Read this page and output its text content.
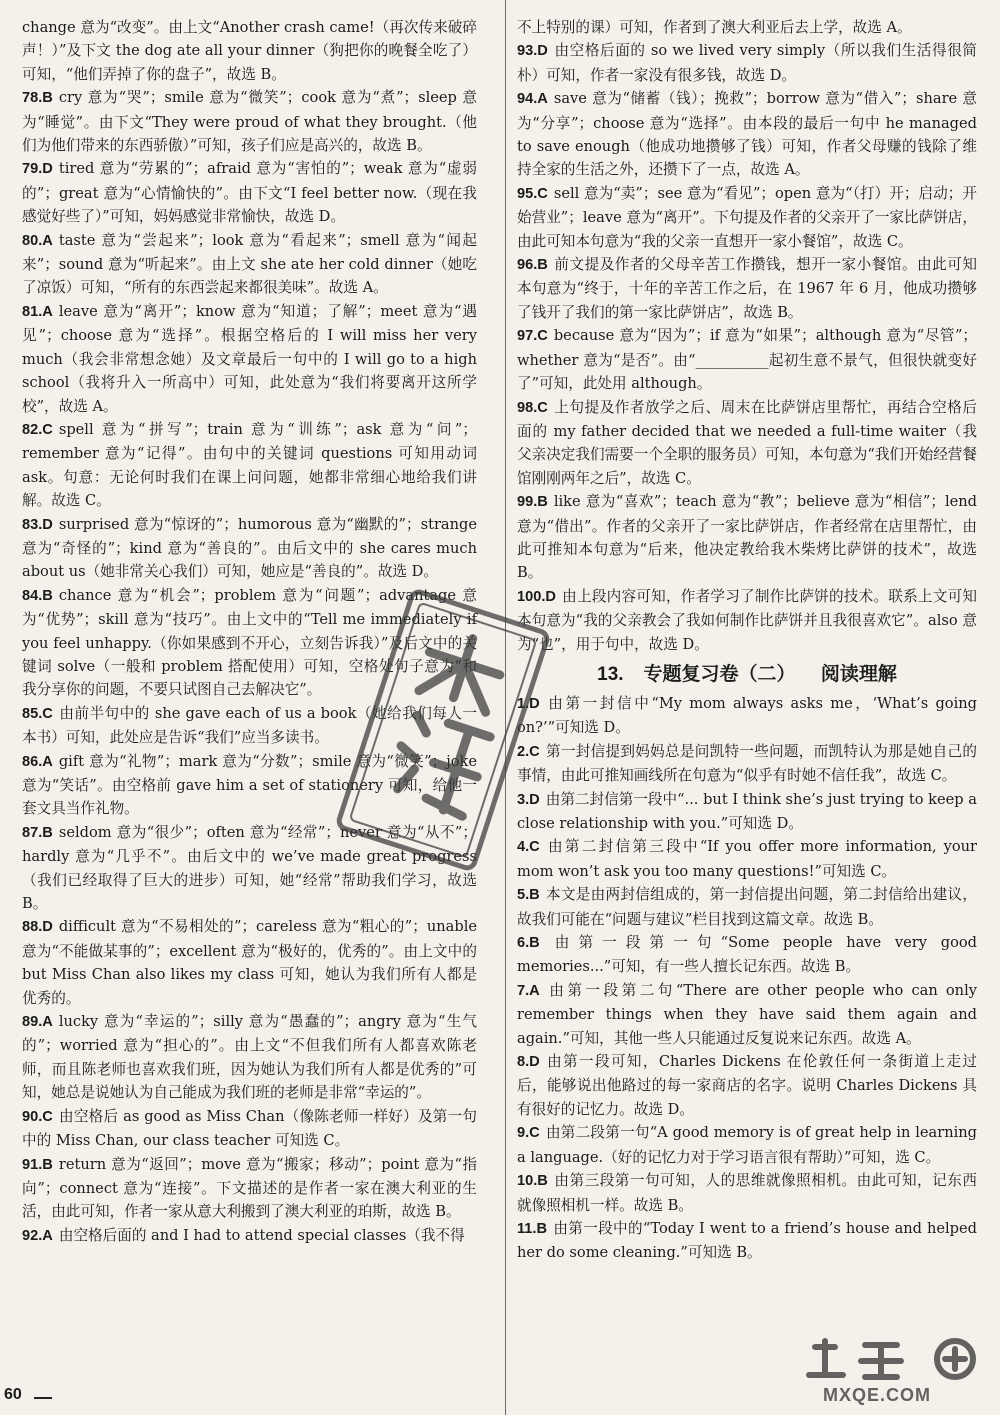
change 意为“改变”。由上文“Another crash came!（再次传来破碎声！）”及下文 the dog ate all your dinner（狗把你的晚餐全吃了）可知，“他们弄掉了你的盘子”，故选 B。

78.B cry 意为“哭”；smile 意为“微笑”；cook 意为“煮”；sleep 意为“睡觉”。由下文“They were proud of what they brought.（他们为他们带来的东西骄傲）”可知，孩子们应是高兴的，故选 B。

79.D tired 意为“劳累的”；afraid 意为“害怕的”；weak 意为“虚弱的”；great 意为“心情愉快的”。由下文“I feel better now.（现在我感觉好些了）”可知，妈妈感觉非常愉快，故选 D。

80.A taste 意为“尝起来”；look 意为“看起来”；smell 意为“闻起来”；sound 意为“听起来”。由上文 she ate her cold dinner（她吃了凉饭）可知，“所有的东西尝起来都很美味”。故选 A。

81.A leave 意为“离开”；know 意为“知道；了解”；meet 意为“遇见”；choose 意为“选择”。根据空格后的 I will miss her very much（我会非常想念她）及文章最后一句中的 I will go to a high school（我将升入一所高中）可知，此处意为“我们将要离开这所学校”，故选 A。

82.C spell 意为“拼写”；train 意为“训练”；ask 意为“问”；remember 意为“记得”。由句中的关键词 questions 可知用动词 ask。句意：无论何时我们在课上问问题，她都非常细心地给我们讲解。故选 C。

83.D surprised 意为“惊讶的”；humorous 意为“幽默的”；strange 意为“奇怪的”；kind 意为“善良的”。由后文中的 she cares much about us（她非常关心我们）可知，她应是“善良的”。故选 D。

84.B chance 意为“机会”；problem 意为“问题”；advantage 意为“优势”；skill 意为“技巧”。由上文中的“Tell me immediately if you feel unhappy.（你如果感到不开心，立刻告诉我）”及后文中的关键词 solve（一般和 problem 搭配使用）可知，空格处句子意为“和我分享你的问题，不要只试图自己去解决它”。

85.C 由前半句中的 she gave each of us a book（她给我们每人一本书）可知，此处应是告诉“我们”应当多读书。

86.A gift 意为“礼物”；mark 意为“分数”；smile 意为“微笑”；joke 意为“笑话”。由空格前 gave him a set of stationery 可知，给他一套文具当作礼物。

87.B seldom 意为“很少”；often 意为“经常”；never 意为“从不”；hardly 意为“几乎不”。由后文中的 we’ve made great progress（我们已经取得了巨大的进步）可知，她“经常”帮助我们学习，故选 B。

88.D difficult 意为“不易相处的”；careless 意为“粗心的”；unable 意为“不能做某事的”；excellent 意为“极好的，优秀的”。由上文中的 but Miss Chan also likes my class 可知，她认为我们所有人都是优秀的。

89.A lucky 意为“幸运的”；silly 意为“愚蠢的”；angry 意为“生气的”；worried 意为“担心的”。由上文“不但我们所有人都喜欢陈老师，而且陈老师也喜欢我们班，因为她认为我们所有人都是优秀的”可知，她总是说她认为自己能成为我们班的老师是非常“幸运的”。

90.C 由空格后 as good as Miss Chan（像陈老师一样好）及第一句中的 Miss Chan, our class teacher 可知选 C。

91.B return 意为“返回”；move 意为“搬家；移动”；point 意为“指向”；connect 意为“连接”。下文描述的是作者一家在澳大利亚的生活，由此可知，作者一家从意大利搬到了澳大利亚的珀斯，故选 B。

92.A 由空格后面的 and I had to attend special classes（我不得

不上特别的课）可知，作者到了澳大利亚后去上学，故选 A。

93.D 由空格后面的 so we lived very simply（所以我们生活得很简朴）可知，作者一家没有很多钱，故选 D。

94.A save 意为“储蓄（钱）；挽救”；borrow 意为“借入”；share 意为“分享”；choose 意为“选择”。由本段的最后一句中 he managed to save enough（他成功地攒够了钱）可知，作者父母赚的钱除了维持全家的生活之外，还攒下了一点，故选 A。

95.C sell 意为“卖”；see 意为“看见”；open 意为“（打）开；启动；开始营业”；leave 意为“离开”。下句提及作者的父亲开了一家比萨饼店，由此可知本句意为“我的父亲一直想开一家小餐馆”，故选 C。

96.B 前文提及作者的父母辛苦工作攒钱，想开一家小餐馆。由此可知本句意为“终于，十年的辛苦工作之后，在 1967 年 6 月，他成功攒够了钱开了我们的第一家比萨饼店”，故选 B。

97.C because 意为“因为”；if 意为“如果”；although 意为“尽管”；whether 意为“是否”。由“__________起初生意不景气，但很快就变好了”可知，此处用 although。

98.C 上句提及作者放学之后、周末在比萨饼店里帮忙，再结合空格后面的 my father decided that we needed a full-time waiter（我父亲决定我们需要一个全职的服务员）可知，本句意为“我们开始经营餐馆刚刚两年之后”，故选 C。

99.B like 意为“喜欢”；teach 意为“教”；believe 意为“相信”；lend 意为“借出”。作者的父亲开了一家比萨饼店，作者经常在店里帮忙，由此可推知本句意为“后来，他决定教给我木柴烤比萨饼的技术”，故选 B。

100.D 由上段内容可知，作者学习了制作比萨饼的技术。联系上文可知本句意为“我的父亲教会了我如何制作比萨饼并且我很喜欢它”。also 意为“也”，用于句中，故选 D。

13. 专题复习卷（二） 阅读理解

1.D 由第一封信中“My mom always asks me，‘What’s going on?’”可知选 D。

2.C 第一封信提到妈妈总是问凯特一些问题，而凯特认为那是她自己的事情，由此可推知画线所在句意为“似乎有时她不信任我”，故选 C。

3.D 由第二封信第一段中“... but I think she’s just trying to keep a close relationship with you.”可知选 D。

4.C 由第二封信第三段中“If you offer more information, your mom won’t ask you too many questions!”可知选 C。

5.B 本文是由两封信组成的，第一封信提出问题，第二封信给出建议，故我们可能在“问题与建议”栏目找到这篇文章。故选 B。

6.B 由第一段第一句“Some people have very good memories...”可知，有一些人擅长记东西。故选 B。

7.A 由第一段第二句“There are other people who can only remember things when they have said them again and again.”可知，其他一些人只能通过反复说来记东西。故选 A。

8.D 由第一段可知，Charles Dickens 在伦敦任何一条街道上走过后，能够说出他路过的每一家商店的名字。说明 Charles Dickens 具有很好的记忆力。故选 D。

9.C 由第二段第一句“A good memory is of great help in learning a language.（好的记忆力对于学习语言很有帮助）”可知，选 C。

10.B 由第三段第一句可知，人的思维就像照相机。由此可知，记东西就像照相机一样。故选 B。

11.B 由第一段中的“Today I went to a friend’s house and helped her do some cleaning.”可知选 B。

60	MXQE.COM
